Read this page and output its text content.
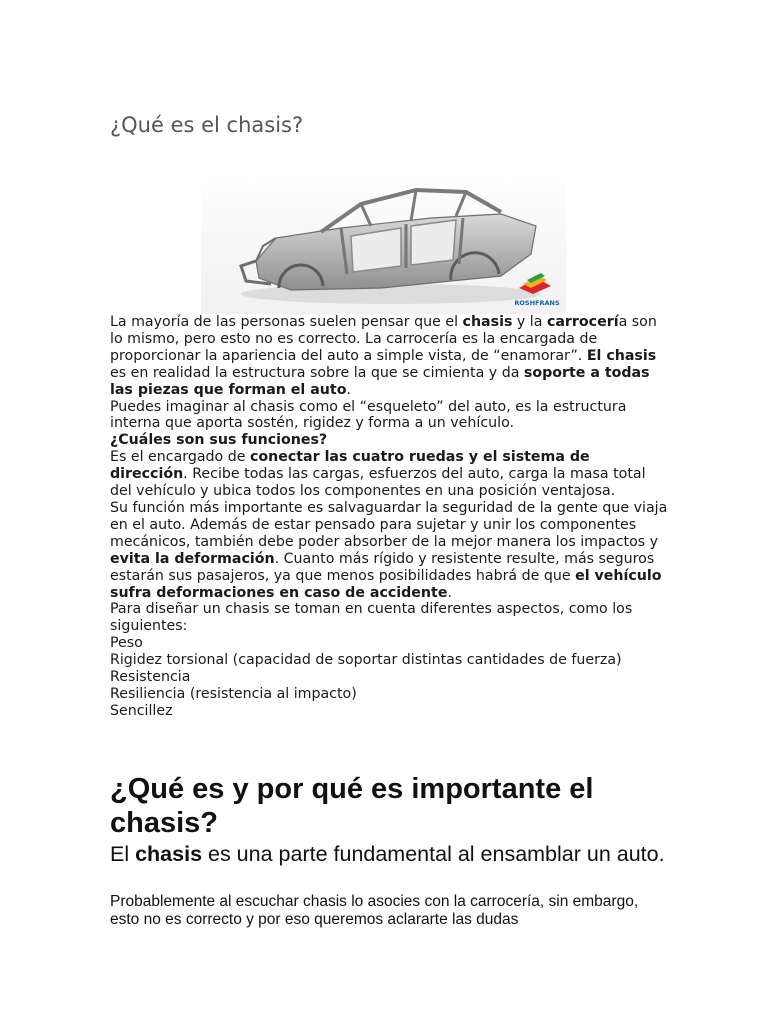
¿Qué es el chasis?
ROSHFRANS

La mayoría de las personas suelen pensar que el chasis y la carrocería son lo mismo, pero esto no es correcto. La carrocería es la encargada de proporcionar la apariencia del auto a simple vista, de “enamorar”. El chasis es en realidad la estructura sobre la que se cimienta y da soporte a todas las piezas que forman el auto.

Puedes imaginar al chasis como el “esqueleto” del auto, es la estructura interna que aporta sostén, rigidez y forma a un vehículo.

¿Cuáles son sus funciones?

Es el encargado de conectar las cuatro ruedas y el sistema de dirección. Recibe todas las cargas, esfuerzos del auto, carga la masa total del vehículo y ubica todos los componentes en una posición ventajosa.

Su función más importante es salvaguardar la seguridad de la gente que viaja en el auto. Además de estar pensado para sujetar y unir los componentes mecánicos, también debe poder absorber de la mejor manera los impactos y evita la deformación. Cuanto más rígido y resistente resulte, más seguros estarán sus pasajeros, ya que menos posibilidades habrá de que el vehículo sufra deformaciones en caso de accidente.

Para diseñar un chasis se toman en cuenta diferentes aspectos, como los siguientes:

Peso

Rigidez torsional (capacidad de soportar distintas cantidades de fuerza)

Resistencia

Resiliencia (resistencia al impacto)

Sencillez

¿Qué es y por qué es importante el chasis?

El chasis es una parte fundamental al ensamblar un auto.

Probablemente al escuchar chasis lo asocies con la carrocería, sin embargo, esto no es correcto y por eso queremos aclararte las dudas
